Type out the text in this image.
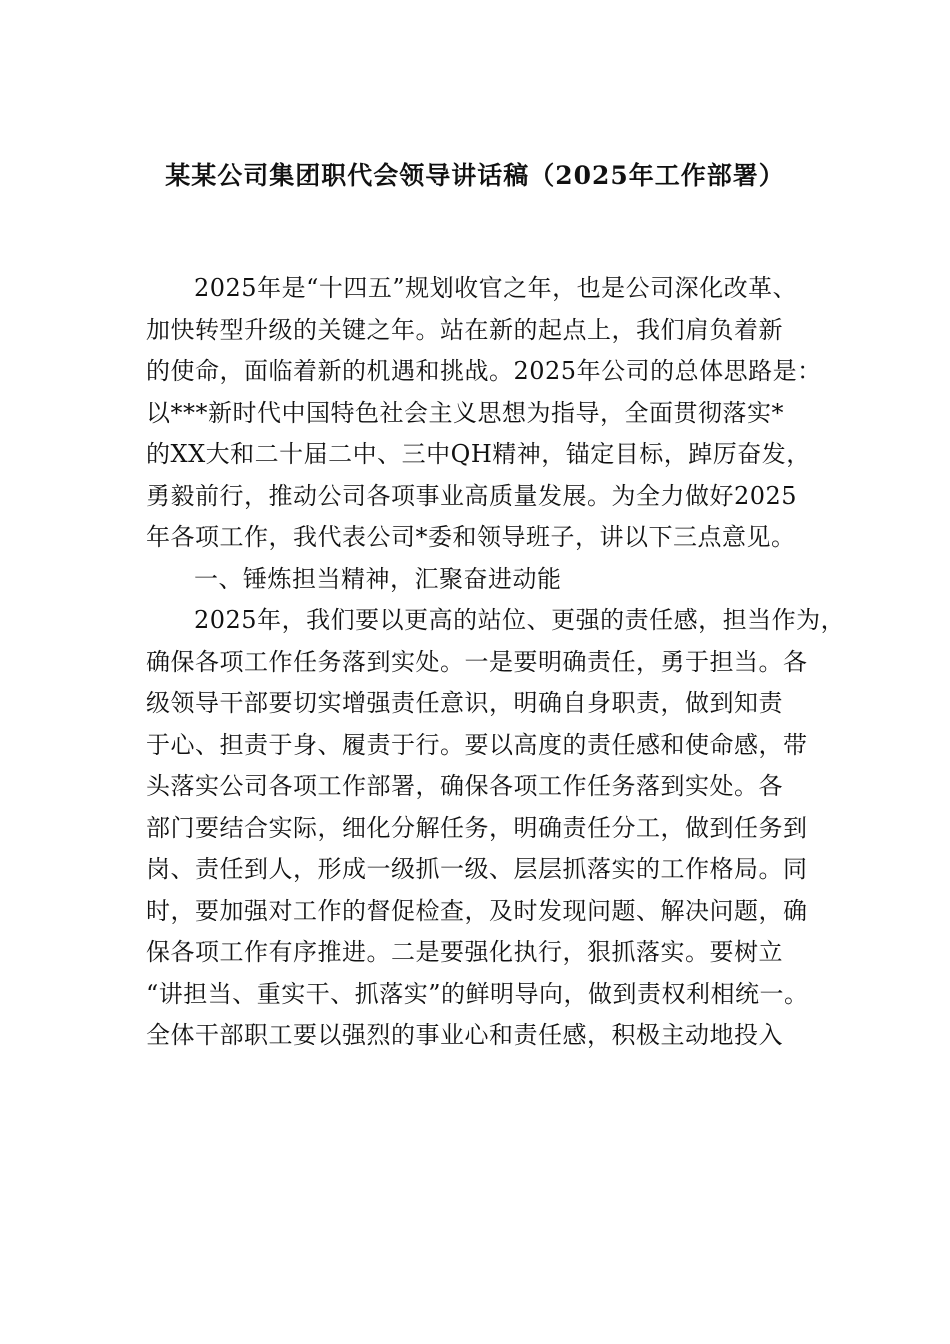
某某公司集团职代会领导讲话稿（2025年工作部署）
2025年是“十四五”规划收官之年，也是公司深化改革、
加快转型升级的关键之年。站在新的起点上，我们肩负着新
的使命，面临着新的机遇和挑战。2025年公司的总体思路是：
以***新时代中国特色社会主义思想为指导，全面贯彻落实*
的XX大和二十届二中、三中QH精神，锚定目标，踔厉奋发，
勇毅前行，推动公司各项事业高质量发展。为全力做好2025
年各项工作，我代表公司*委和领导班子，讲以下三点意见。
一、锤炼担当精神，汇聚奋进动能
2025年，我们要以更高的站位、更强的责任感，担当作为，
确保各项工作任务落到实处。一是要明确责任，勇于担当。各
级领导干部要切实增强责任意识，明确自身职责，做到知责
于心、担责于身、履责于行。要以高度的责任感和使命感，带
头落实公司各项工作部署，确保各项工作任务落到实处。各
部门要结合实际，细化分解任务，明确责任分工，做到任务到
岗、责任到人，形成一级抓一级、层层抓落实的工作格局。同
时，要加强对工作的督促检查，及时发现问题、解决问题，确
保各项工作有序推进。二是要强化执行，狠抓落实。要树立
“讲担当、重实干、抓落实”的鲜明导向，做到责权利相统一。
全体干部职工要以强烈的事业心和责任感，积极主动地投入
